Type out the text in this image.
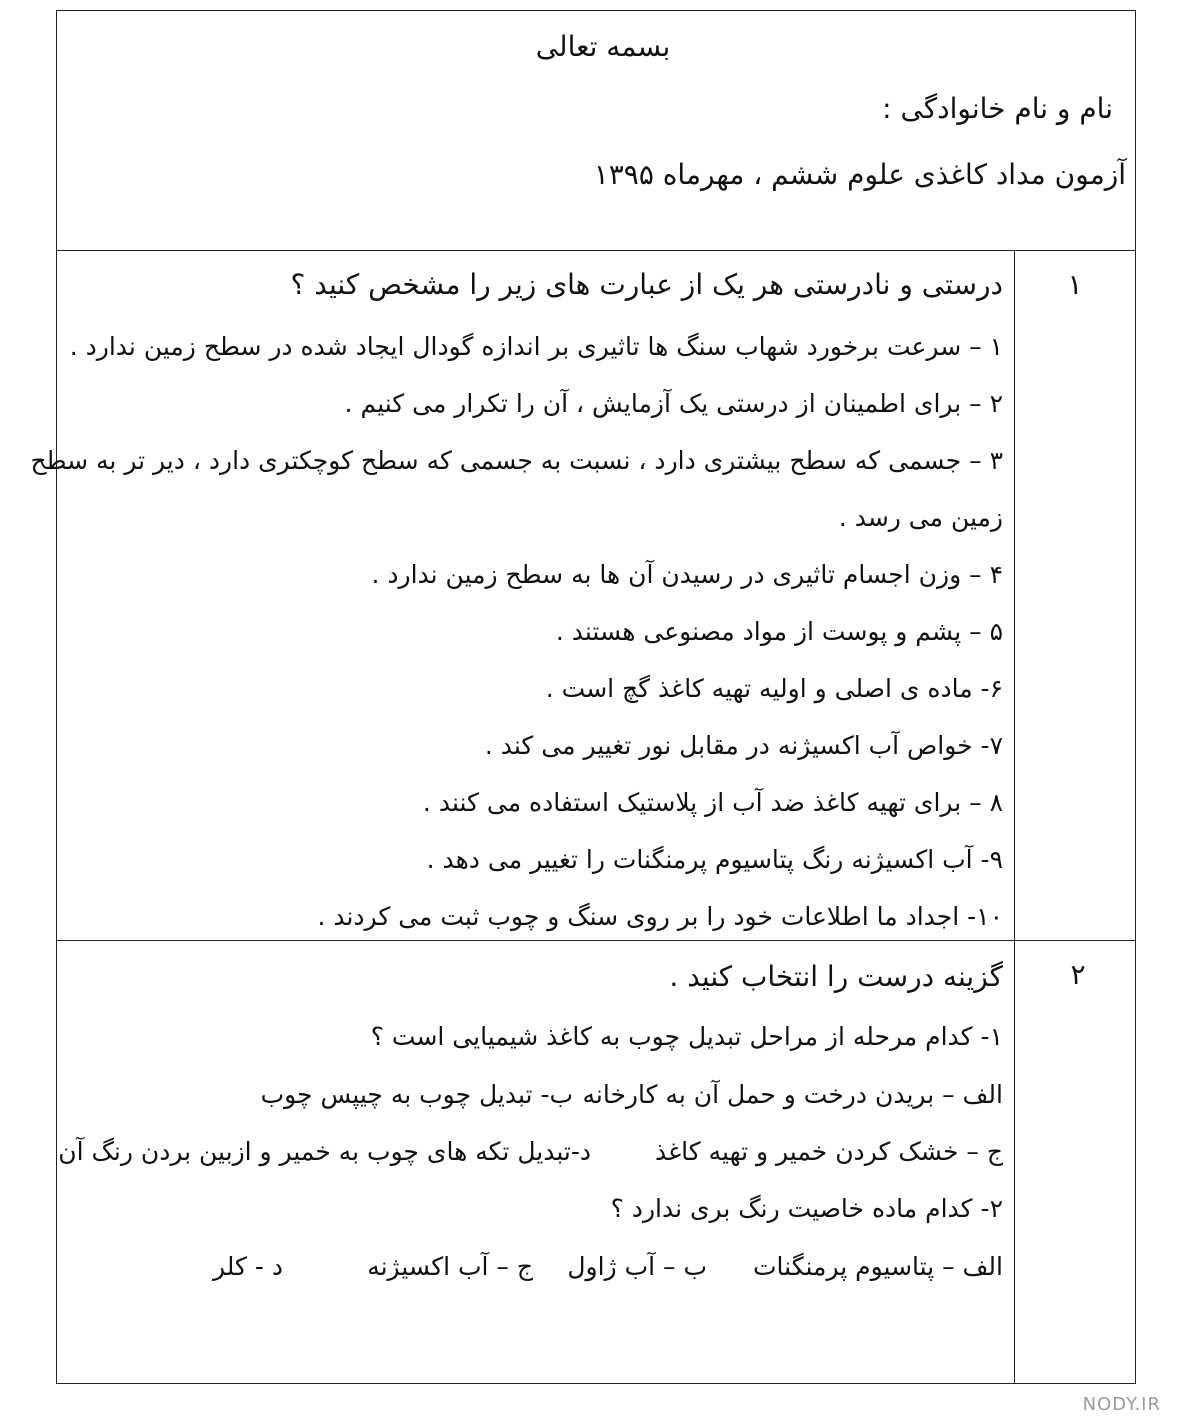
بسمه تعالی
نام و نام خانوادگی :
آزمون مداد کاغذی علوم ششم ، مهرماه ۱۳۹۵
۱
درستی و نادرستی هر یک از عبارت های زیر را مشخص کنید ؟
۱ – سرعت برخورد شهاب سنگ ها تاثیری بر اندازه گودال ایجاد شده در سطح زمین ندارد .
۲ – برای اطمینان از درستی یک آزمایش ، آن را تکرار می کنیم .
۳ – جسمی که سطح بیشتری دارد ، نسبت به جسمی که سطح کوچکتری دارد ، دیر تر به سطح
زمین می رسد .
۴ – وزن اجسام تاثیری در رسیدن آن ها به سطح زمین ندارد .
۵ – پشم و پوست از مواد مصنوعی هستند .
۶- ماده ی اصلی و اولیه تهیه کاغذ گچ است .
۷- خواص آب اکسیژنه در مقابل نور تغییر می کند .
۸ – برای تهیه کاغذ ضد آب از پلاستیک استفاده می کنند .
۹- آب اکسیژنه رنگ پتاسیوم پرمنگنات را تغییر می دهد .
۱۰- اجداد ما اطلاعات خود را بر روی سنگ و چوب ثبت می کردند .
۲
گزینه درست را انتخاب کنید .
۱- کدام مرحله از مراحل تبدیل چوب به کاغذ شیمیایی است ؟
الف – بریدن درخت و حمل آن به کارخانه
ب- تبدیل چوب به چیپس چوب
ج – خشک کردن خمیر و تهیه کاغذ
د-تبدیل تکه های چوب به خمیر و ازبین بردن رنگ آن
۲- کدام ماده خاصیت رنگ بری ندارد ؟
الف – پتاسیوم پرمنگنات
ب – آب ژاول
ج – آب اکسیژنه
د - کلر
NODY.IR
